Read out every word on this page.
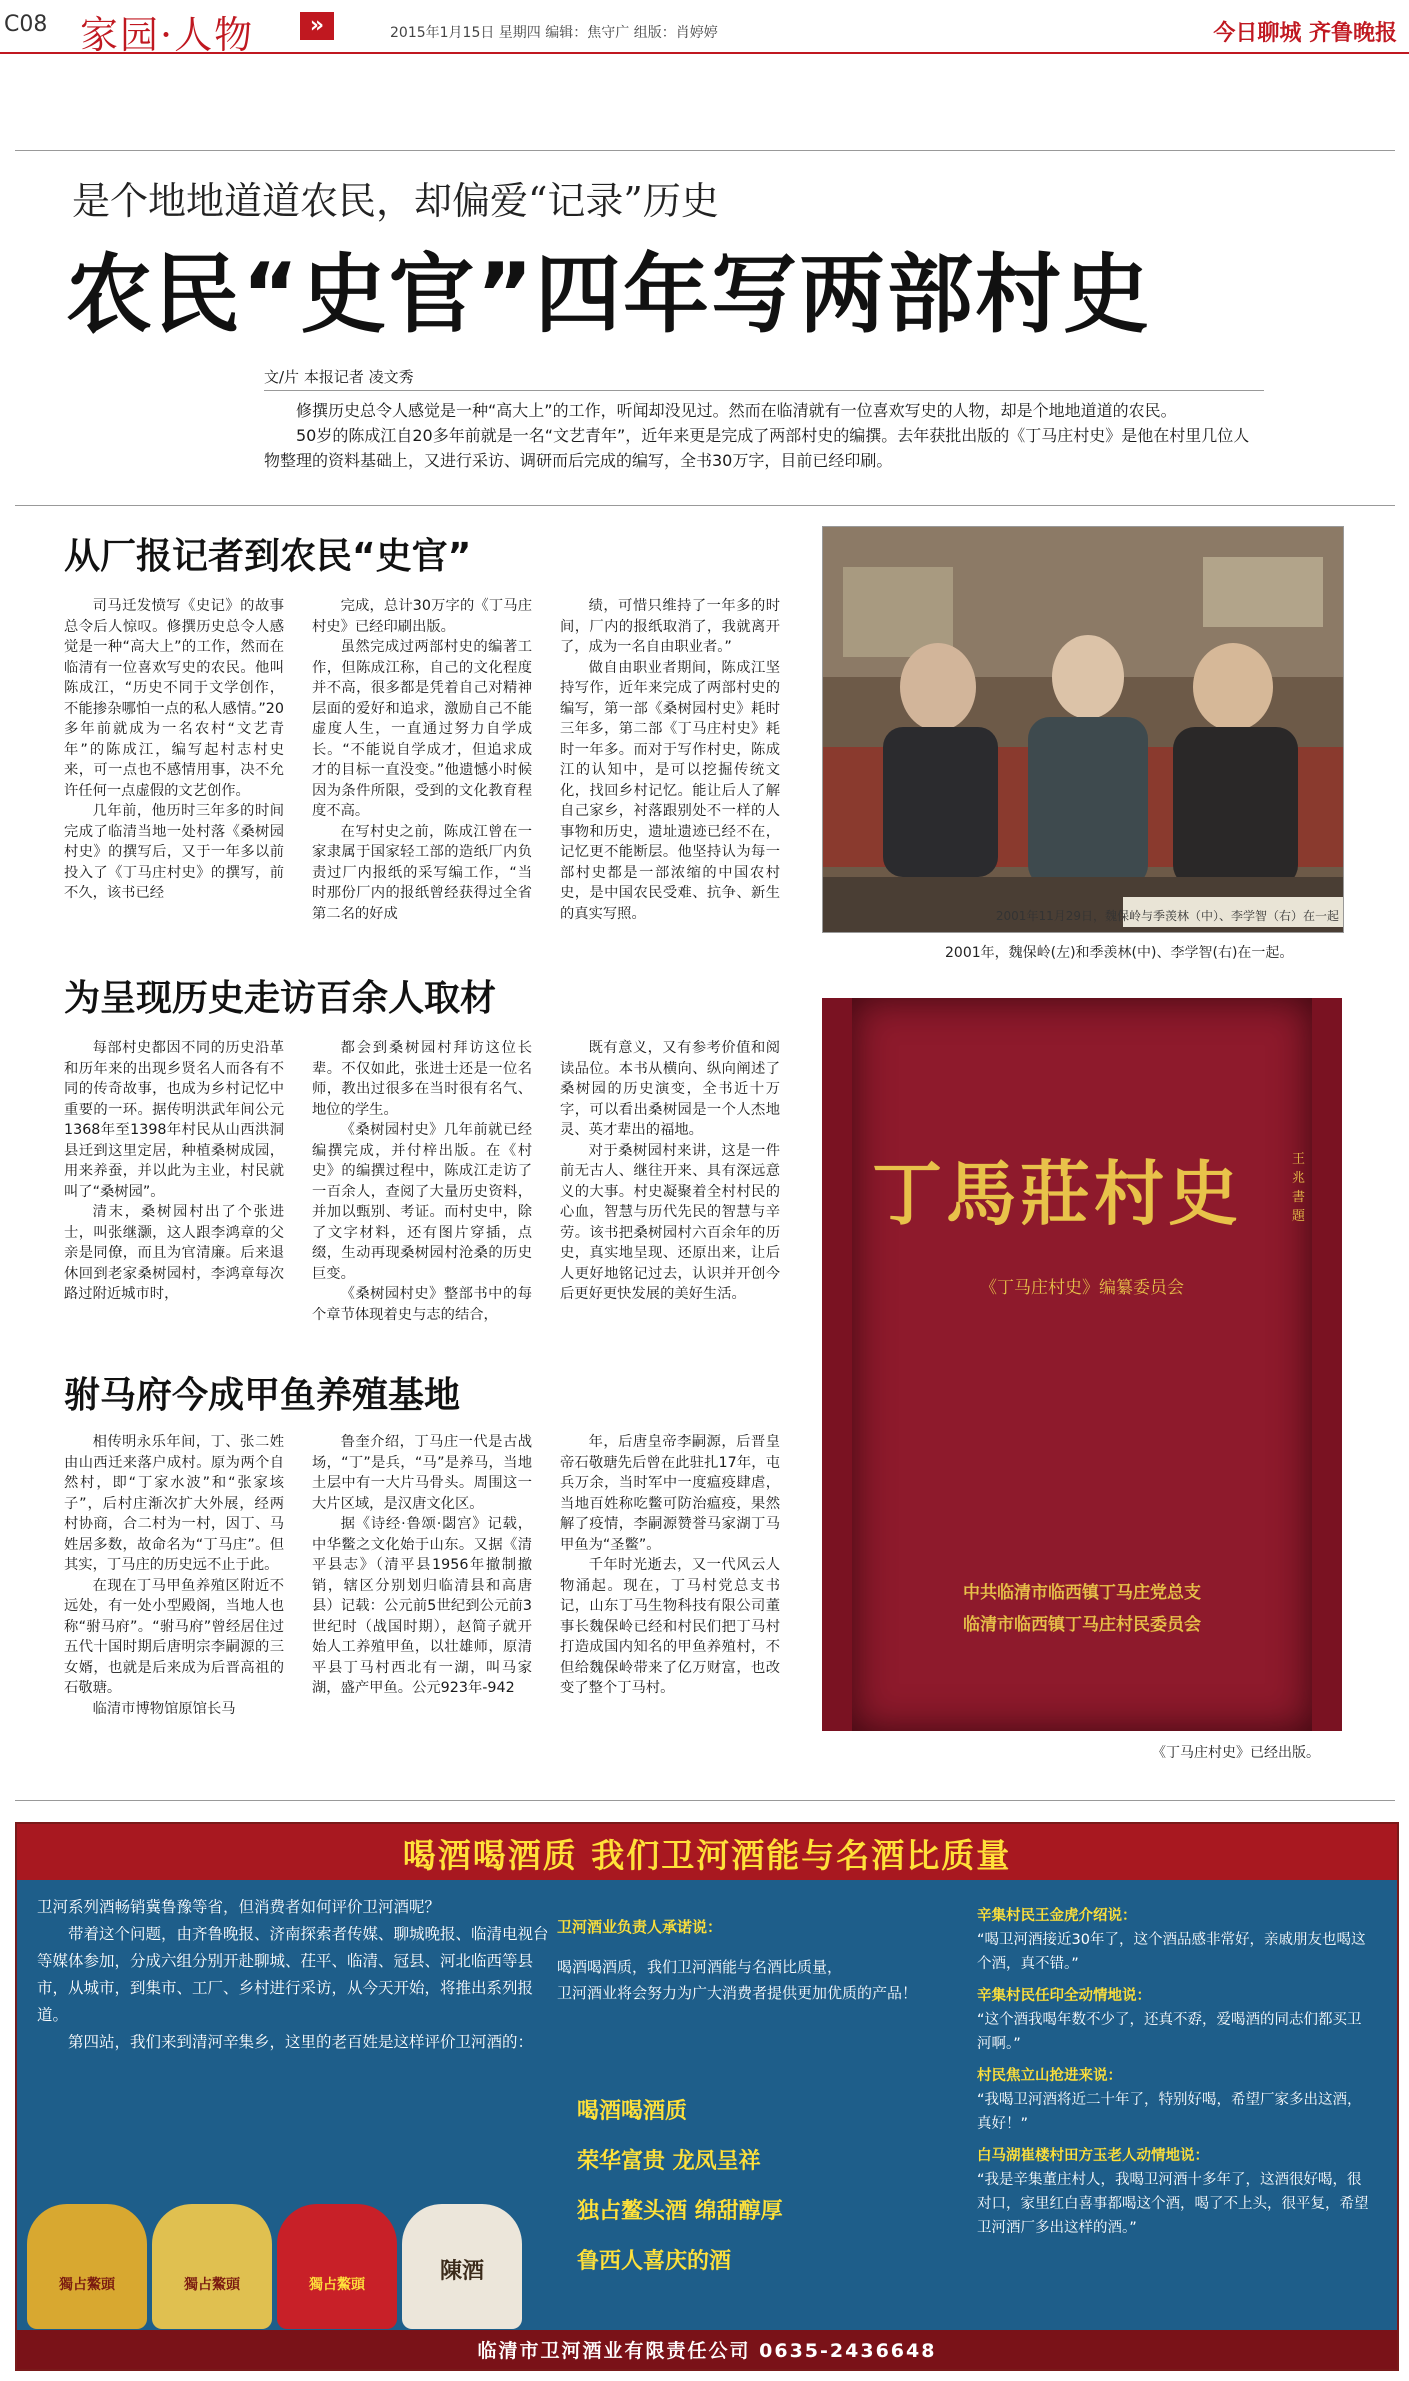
C08 家园·人物	»	2015年1月15日 星期四 编辑：焦守广 组版：肖婷婷	今日聊城 齐鲁晚报
是个地地道道农民，却偏爱“记录”历史
农民“史官”四年写两部村史
文/片 本报记者 凌文秀

修撰历史总令人感觉是一种“高大上”的工作，听闻却没见过。然而在临清就有一位喜欢写史的人物，却是个地地道道的农民。

50岁的陈成江自20多年前就是一名“文艺青年”，近年来更是完成了两部村史的编撰。去年获批出版的《丁马庄村史》是他在村里几位人物整理的资料基础上，又进行采访、调研而后完成的编写，全书30万字，目前已经印刷。

从厂报记者到农民“史官”

司马迁发愤写《史记》的故事总令后人惊叹。修撰历史总令人感觉是一种“高大上”的工作，然而在临清有一位喜欢写史的农民。他叫陈成江，“历史不同于文学创作，不能掺杂哪怕一点的私人感情。”20多年前就成为一名农村“文艺青年”的陈成江，编写起村志村史来，可一点也不感情用事，决不允许任何一点虚假的文艺创作。

几年前，他历时三年多的时间完成了临清当地一处村落《桑树园村史》的撰写后，又于一年多以前投入了《丁马庄村史》的撰写，前不久，该书已经

完成，总计30万字的《丁马庄村史》已经印刷出版。

虽然完成过两部村史的编著工作，但陈成江称，自己的文化程度并不高，很多都是凭着自己对精神层面的爱好和追求，激励自己不能虚度人生，一直通过努力自学成长。“不能说自学成才，但追求成才的目标一直没变。”他遗憾小时候因为条件所限，受到的文化教育程度不高。

在写村史之前，陈成江曾在一家隶属于国家轻工部的造纸厂内负责过厂内报纸的采写编工作，“当时那份厂内的报纸曾经获得过全省第二名的好成

绩，可惜只维持了一年多的时间，厂内的报纸取消了，我就离开了，成为一名自由职业者。”

做自由职业者期间，陈成江坚持写作，近年来完成了两部村史的编写，第一部《桑树园村史》耗时三年多，第二部《丁马庄村史》耗时一年多。而对于写作村史，陈成江的认知中，是可以挖掘传统文化，找回乡村记忆。能让后人了解自己家乡，衬落跟别处不一样的人事物和历史，遗址遗迹已经不在，记忆更不能断层。他坚持认为每一部村史都是一部浓缩的中国农村史，是中国农民受难、抗争、新生的真实写照。	2001年11月29日，魏保岭与季羡林（中）、李学智（右）在一起
2001年，魏保岭(左)和季羡林(中)、李学智(右)在一起。
为呈现历史走访百余人取材

每部村史都因不同的历史沿革和历年来的出现乡贤名人而各有不同的传奇故事，也成为乡村记忆中重要的一环。据传明洪武年间公元1368年至1398年村民从山西洪洞县迁到这里定居，种植桑树成园，用来养蚕，并以此为主业，村民就叫了“桑树园”。

清末，桑树园村出了个张进士，叫张继灏，这人跟李鸿章的父亲是同僚，而且为官清廉。后来退休回到老家桑树园村，李鸿章每次路过附近城市时，

都会到桑树园村拜访这位长辈。不仅如此，张进士还是一位名师，教出过很多在当时很有名气、地位的学生。

《桑树园村史》几年前就已经编撰完成，并付梓出版。在《村史》的编撰过程中，陈成江走访了一百余人，查阅了大量历史资料，并加以甄别、考证。而村史中，除了文字材料，还有图片穿插，点缀，生动再现桑树园村沧桑的历史巨变。

《桑树园村史》整部书中的每个章节体现着史与志的结合，

既有意义，又有参考价值和阅读品位。本书从横向、纵向阐述了桑树园的历史演变，全书近十万字，可以看出桑树园是一个人杰地灵、英才辈出的福地。

对于桑树园村来讲，这是一件前无古人、继往开来、具有深远意义的大事。村史凝聚着全村村民的心血，智慧与历代先民的智慧与辛劳。该书把桑树园村六百余年的历史，真实地呈现、还原出来，让后人更好地铭记过去，认识并开创今后更好更快发展的美好生活。

丁馬莊村史	王兆 書題
《丁马庄村史》编纂委员会
中共临清市临西镇丁马庄党总支
临清市临西镇丁马庄村民委员会
《丁马庄村史》已经出版。
驸马府今成甲鱼养殖基地

相传明永乐年间，丁、张二姓由山西迁来落户成村。原为两个自然村，即“丁家水波”和“张家垓子”，后村庄渐次扩大外展，经两村协商，合二村为一村，因丁、马姓居多数，故命名为“丁马庄”。但其实，丁马庄的历史远不止于此。

在现在丁马甲鱼养殖区附近不远处，有一处小型殿阁，当地人也称“驸马府”。“驸马府”曾经居住过五代十国时期后唐明宗李嗣源的三女婿，也就是后来成为后晋高祖的石敬瑭。

临清市博物馆原馆长马

鲁奎介绍，丁马庄一代是古战场，“丁”是兵，“马”是养马，当地土层中有一大片马骨头。周围这一大片区域，是汉唐文化区。

据《诗经·鲁颂·閟宫》记载，中华鳖之文化始于山东。又据《清平县志》（清平县1956年撤制撤销，辖区分别划归临清县和高唐县）记载：公元前5世纪到公元前3世纪时（战国时期），赵简子就开始人工养殖甲鱼，以壮雄师，原清平县丁马村西北有一湖，叫马家湖，盛产甲鱼。公元923年-942

年，后唐皇帝李嗣源，后晋皇帝石敬瑭先后曾在此驻扎17年，屯兵万余，当时军中一度瘟疫肆虐，当地百姓称吃鳖可防治瘟疫，果然解了疫情，李嗣源赞誉马家湖丁马甲鱼为“圣鳖”。

千年时光逝去，又一代风云人物涌起。现在，丁马村党总支书记，山东丁马生物科技有限公司董事长魏保岭已经和村民们把丁马村打造成国内知名的甲鱼养殖村，不但给魏保岭带来了亿万财富，也改变了整个丁马村。

喝酒喝酒质 我们卫河酒能与名酒比质量

卫河系列酒畅销冀鲁豫等省，但消费者如何评价卫河酒呢？

带着这个问题，由齐鲁晚报、济南探索者传媒、聊城晚报、临清电视台等媒体参加，分成六组分别开赴聊城、茌平、临清、冠县、河北临西等县市，从城市，到集市、工厂、乡村进行采访，从今天开始，将推出系列报道。

第四站，我们来到清河辛集乡，这里的老百姓是这样评价卫河酒的：

卫河酒业负责人承诺说：
喝酒喝酒质，我们卫河酒能与名酒比质量，
卫河酒业将会努力为广大消费者提供更加优质的产品！
喝酒喝酒质
荣华富贵 龙凤呈祥
独占鳌头酒 绵甜醇厚
鲁西人喜庆的酒
獨占鰲頭	獨占鰲頭	獨占鰲頭
陳酒
辛集村民王金虎介绍说：
“喝卫河酒接近30年了，这个酒品感非常好，亲戚朋友也喝这个酒，真不错。”
辛集村民任印全动情地说：
“这个酒我喝年数不少了，还真不孬，爱喝酒的同志们都买卫河啊。”
村民焦立山抢进来说：
“我喝卫河酒将近二十年了，特别好喝，希望厂家多出这酒，真好！”
白马湖崔楼村田方玉老人动情地说：
“我是辛集董庄村人，我喝卫河酒十多年了，这酒很好喝，很对口，家里红白喜事都喝这个酒，喝了不上头，很平复，希望卫河酒厂多出这样的酒。”
临清市卫河酒业有限责任公司 0635-2436648
